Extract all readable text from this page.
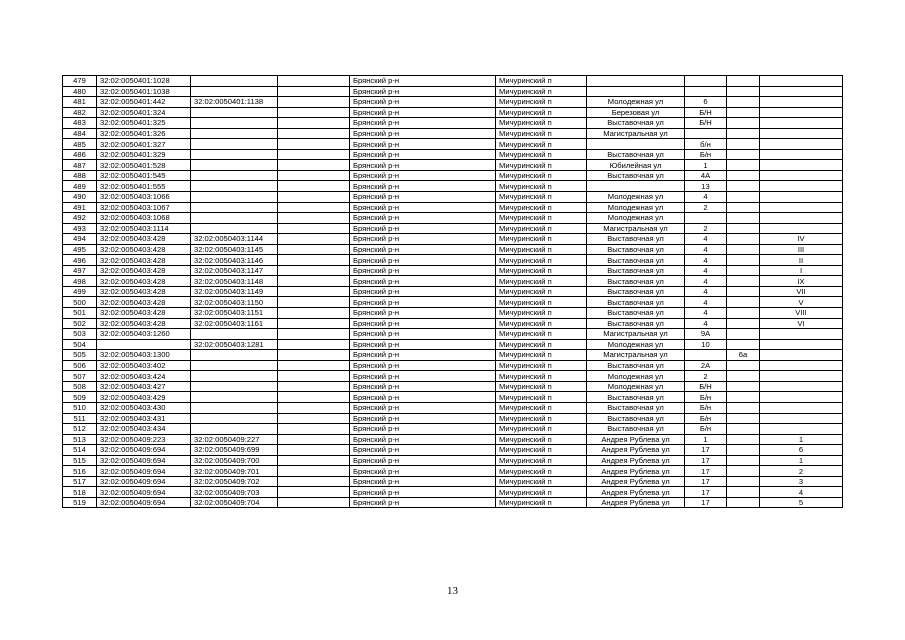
479	32:02:0050401:1028			Брянский р-н	Мичуринский п				
480	32:02:0050401:1038			Брянский р-н	Мичуринский п				
481	32:02:0050401:442	32:02:0050401:1138		Брянский р-н	Мичуринский п	Молодежная ул	6		
482	32:02:0050401:324			Брянский р-н	Мичуринский п	Березовая ул	Б/Н		
483	32:02:0050401:325			Брянский р-н	Мичуринский п	Выставочная ул	Б/Н		
484	32:02:0050401:326			Брянский р-н	Мичуринский п	Магистральная ул			
485	32:02:0050401:327			Брянский р-н	Мичуринский п		б/н		
486	32:02:0050401:329			Брянский р-н	Мичуринский п	Выставочная ул	Б/н		
487	32:02:0050401:528			Брянский р-н	Мичуринский п	Юбилейная ул	1		
488	32:02:0050401:545			Брянский р-н	Мичуринский п	Выставочная ул	4А		
489	32:02:0050401:555			Брянский р-н	Мичуринский п		13		
490	32:02:0050403:1066			Брянский р-н	Мичуринский п	Молодежная ул	4		
491	32:02:0050403:1067			Брянский р-н	Мичуринский п	Молодежная ул	2		
492	32:02:0050403:1068			Брянский р-н	Мичуринский п	Молодежная ул			
493	32:02:0050403:1114			Брянский р-н	Мичуринский п	Магистральная ул	2		
494	32:02:0050403:428	32:02:0050403:1144		Брянский р-н	Мичуринский п	Выставочная ул	4		IV
495	32:02:0050403:428	32:02:0050403:1145		Брянский р-н	Мичуринский п	Выставочная ул	4		III
496	32:02:0050403:428	32:02:0050403:1146		Брянский р-н	Мичуринский п	Выставочная ул	4		II
497	32:02:0050403:428	32:02:0050403:1147		Брянский р-н	Мичуринский п	Выставочная ул	4		I
498	32:02:0050403:428	32:02:0050403:1148		Брянский р-н	Мичуринский п	Выставочная ул	4		IX
499	32:02:0050403:428	32:02:0050403:1149		Брянский р-н	Мичуринский п	Выставочная ул	4		VII
500	32:02:0050403:428	32:02:0050403:1150		Брянский р-н	Мичуринский п	Выставочная ул	4		V
501	32:02:0050403:428	32:02:0050403:1151		Брянский р-н	Мичуринский п	Выставочная ул	4		VIII
502	32:02:0050403:428	32:02:0050403:1161		Брянский р-н	Мичуринский п	Выставочная ул	4		VI
503	32:02:0050403:1260			Брянский р-н	Мичуринский п	Магистральная ул	9А		
504		32:02:0050403:1281		Брянский р-н	Мичуринский п	Молодежная ул	10		
505	32:02:0050403:1300			Брянский р-н	Мичуринский п	Магистральная ул		6а	
506	32:02:0050403:402			Брянский р-н	Мичуринский п	Выставочная ул	2А		
507	32:02:0050403:424			Брянский р-н	Мичуринский п	Молодежная ул	2		
508	32:02:0050403:427			Брянский р-н	Мичуринский п	Молодежная ул	Б/Н		
509	32:02:0050403:429			Брянский р-н	Мичуринский п	Выставочная ул	Б/н		
510	32:02:0050403:430			Брянский р-н	Мичуринский п	Выставочная ул	Б/н		
511	32:02:0050403:431			Брянский р-н	Мичуринский п	Выставочная ул	Б/н		
512	32:02:0050403:434			Брянский р-н	Мичуринский п	Выставочная ул	Б/н		
513	32:02:0050409:223	32:02:0050409:227		Брянский р-н	Мичуринский п	Андрея Рублева ул	1		1
514	32:02:0050409:694	32:02:0050409:699		Брянский р-н	Мичуринский п	Андрея Рублева ул	17		6
515	32:02:0050409:694	32:02:0050409:700		Брянский р-н	Мичуринский п	Андрея Рублева ул	17		1
516	32:02:0050409:694	32:02:0050409:701		Брянский р-н	Мичуринский п	Андрея Рублева ул	17		2
517	32:02:0050409:694	32:02:0050409:702		Брянский р-н	Мичуринский п	Андрея Рублева ул	17		3
518	32:02:0050409:694	32:02:0050409:703		Брянский р-н	Мичуринский п	Андрея Рублева ул	17		4
519	32:02:0050409:694	32:02:0050409:704		Брянский р-н	Мичуринский п	Андрея Рублева ул	17		5
13
